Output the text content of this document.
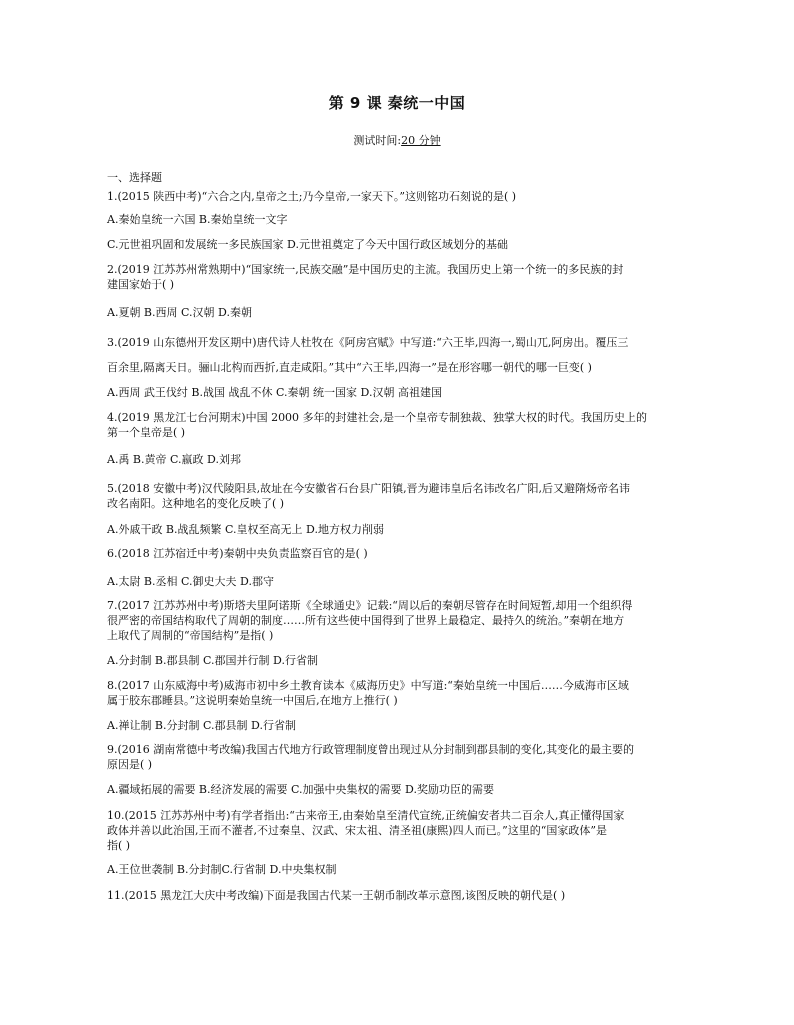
第 9 课 秦统一中国
测试时间:20 分钟
一、选择题
1.(2015 陕西中考)“六合之内,皇帝之土;乃今皇帝,一家天下。”这则铭功石刻说的是( )
A.秦始皇统一六国 B.秦始皇统一文字
C.元世祖巩固和发展统一多民族国家 D.元世祖奠定了今天中国行政区域划分的基础
2.(2019 江苏苏州常熟期中)“国家统一,民族交融”是中国历史的主流。我国历史上第一个统一的多民族的封
建国家始于( )
A.夏朝 B.西周 C.汉朝 D.秦朝
3.(2019 山东德州开发区期中)唐代诗人杜牧在《阿房宫赋》中写道:“六王毕,四海一,蜀山兀,阿房出。覆压三
百余里,隔离天日。骊山北构而西折,直走咸阳。”其中“六王毕,四海一”是在形容哪一朝代的哪一巨变( )
A.西周 武王伐纣 B.战国 战乱不休 C.秦朝 统一国家 D.汉朝 高祖建国
4.(2019 黑龙江七台河期末)中国 2000 多年的封建社会,是一个皇帝专制独裁、独掌大权的时代。我国历史上的
第一个皇帝是( )
A.禹 B.黄帝 C.嬴政 D.刘邦
5.(2018 安徽中考)汉代陵阳县,故址在今安徽省石台县广阳镇,晋为避讳皇后名讳改名广阳,后又避隋炀帝名讳
改名南阳。这种地名的变化反映了( )
A.外戚干政 B.战乱频繁 C.皇权至高无上 D.地方权力削弱
6.(2018 江苏宿迁中考)秦朝中央负责监察百官的是( )
A.太尉 B.丞相 C.御史大夫 D.郡守
7.(2017 江苏苏州中考)斯塔夫里阿诺斯《全球通史》记载:“周以后的秦朝尽管存在时间短暂,却用一个组织得
很严密的帝国结构取代了周朝的制度……所有这些使中国得到了世界上最稳定、最持久的统治。”秦朝在地方
上取代了周制的“帝国结构”是指( )
A.分封制 B.郡县制 C.郡国并行制 D.行省制
8.(2017 山东威海中考)威海市初中乡土教育读本《威海历史》中写道:“秦始皇统一中国后……今威海市区域
属于胶东郡睡县。”这说明秦始皇统一中国后,在地方上推行( )
A.禅让制 B.分封制 C.郡县制 D.行省制
9.(2016 湖南常德中考改编)我国古代地方行政管理制度曾出现过从分封制到郡县制的变化,其变化的最主要的
原因是( )
A.疆域拓展的需要 B.经济发展的需要 C.加强中央集权的需要 D.奖励功臣的需要
10.(2015 江苏苏州中考)有学者指出:“古来帝王,由秦始皇至清代宣统,正统偏安者共二百余人,真正懂得国家
政体并善以此治国,王而不灌者,不过秦皇、汉武、宋太祖、清圣祖(康熙)四人而已。”这里的“国家政体”是
指( )
A.王位世袭制 B.分封制C.行省制 D.中央集权制
11.(2015 黑龙江大庆中考改编)下面是我国古代某一王朝币制改革示意图,该图反映的朝代是( )
